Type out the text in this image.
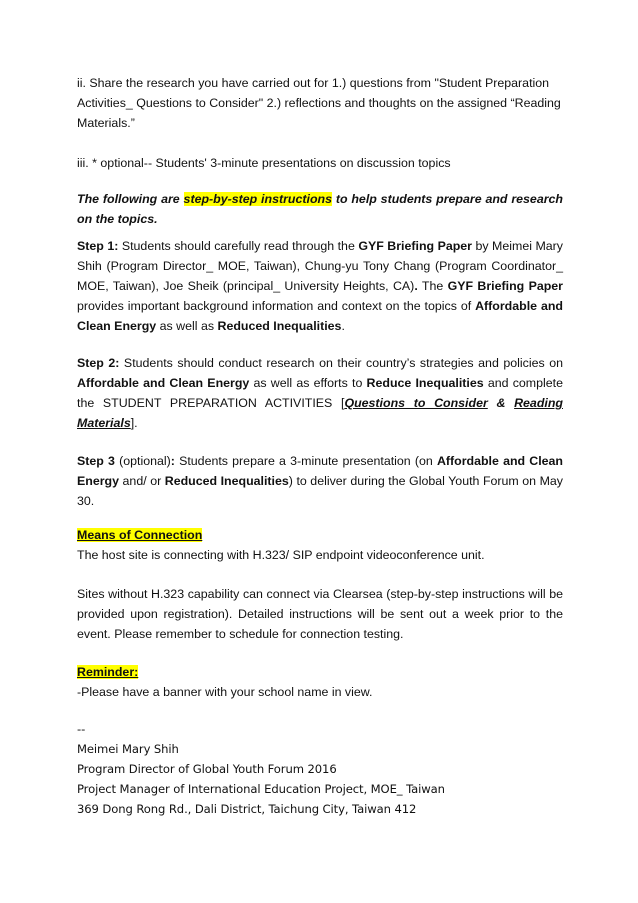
ii. Share the research you have carried out for 1.) questions from "Student Preparation Activities_ Questions to Consider" 2.) reflections and thoughts on the assigned “Reading Materials.”

iii. * optional-- Students' 3-minute presentations on discussion topics

The following are step-by-step instructions to help students prepare and research on the topics.

Step 1: Students should carefully read through the GYF Briefing Paper by Meimei Mary Shih (Program Director_ MOE, Taiwan), Chung-yu Tony Chang (Program Coordinator_ MOE, Taiwan), Joe Sheik (principal_ University Heights, CA). The GYF Briefing Paper provides important background information and context on the topics of Affordable and Clean Energy as well as Reduced Inequalities.

Step 2: Students should conduct research on their country’s strategies and policies on Affordable and Clean Energy as well as efforts to Reduce Inequalities and complete the STUDENT PREPARATION ACTIVITIES [Questions to Consider & Reading Materials].

Step 3 (optional): Students prepare a 3-minute presentation (on Affordable and Clean Energy and/ or Reduced Inequalities) to deliver during the Global Youth Forum on May 30.

Means of Connection

The host site is connecting with H.323/ SIP endpoint videoconference unit.

Sites without H.323 capability can connect via Clearsea (step-by-step instructions will be provided upon registration). Detailed instructions will be sent out a week prior to the event. Please remember to schedule for connection testing.

Reminder:

-Please have a banner with your school name in view.

--

Meimei Mary Shih

Program Director of Global Youth Forum 2016

Project Manager of International Education Project, MOE_ Taiwan

369 Dong Rong Rd., Dali District, Taichung City, Taiwan 412
